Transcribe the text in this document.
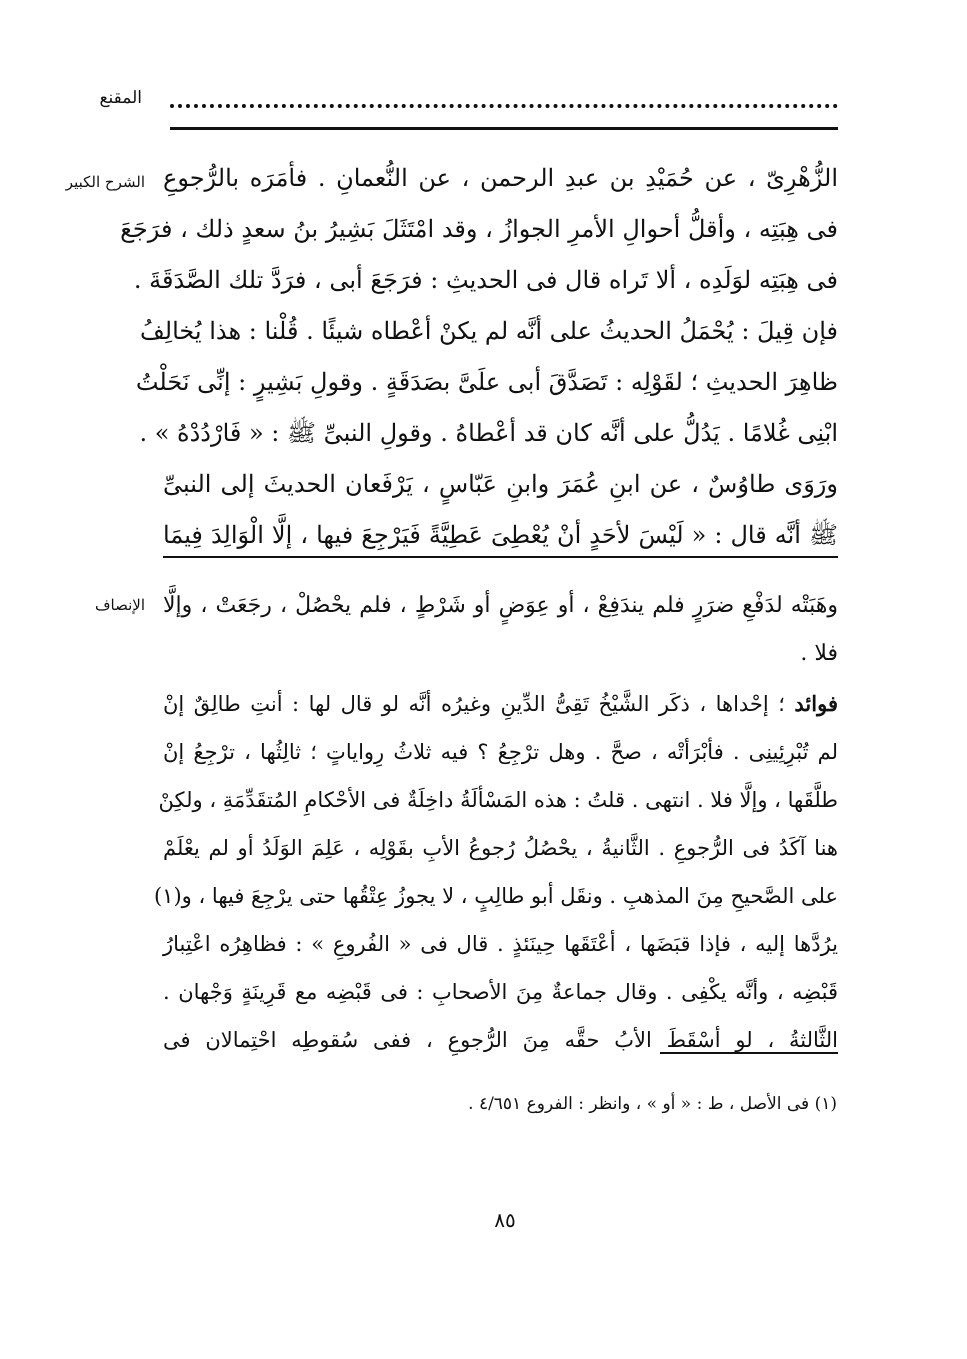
المقنع
الشرح الكبير الزُّهْرِىّ ، عن حُمَيْدِ بن عبدِ الرحمن ، عن النُّعمانِ . فأمَرَه بالرُّجوعِ
فى هِبَتِه ، وأقلُّ أحوالِ الأمرِ الجوازُ ، وقد امْتَثَلَ بَشِيرُ بنُ سعدٍ ذلك ، فرَجَعَ
فى هِبَتِه لوَلَدِه ، ألا تَراه قال فى الحديثِ : فرَجَعَ أبى ، فرَدَّ تلك الصَّدَقَةَ .
فإن قِيلَ : يُحْمَلُ الحديثُ على أنَّه لم يكنْ أعْطاه شيئًا . قُلْنا : هذا يُخالِفُ
ظاهِرَ الحديثِ ؛ لقَوْلِه : تَصَدَّقَ أبى علَىَّ بصَدَقَةٍ . وقولِ بَشِيرٍ : إنِّى نَحَلْتُ
ابْنِى غُلامًا . يَدُلُّ على أنَّه كان قد أعْطاهُ . وقولِ النبىِّ ﷺ : « فَارْدُدْهُ » .
ورَوَى طاوُسٌ ، عن ابنِ عُمَرَ وابنِ عَبّاسٍ ، يَرْفَعان الحديثَ إلى النبىِّ
ﷺ أنَّه قال : « لَيْسَ لأحَدٍ أنْ يُعْطِىَ عَطِيَّةً فَيَرْجِعَ فيها ، إلَّا الْوَالِدَ فِيمَا
الإنصاف وهَبَتْه لدَفْعِ ضرَرٍ فلم يندَفِعْ ، أو عِوَضٍ أو شَرْطٍ ، فلم يحْصُلْ ، رجَعَتْ ، وإلَّا
فلا .
فوائد ؛ إحْداها ، ذكَر الشَّيْخُ تَقِىُّ الدِّينِ وغيرُه أنَّه لو قال لها : أنتِ طالِقٌ إنْ
لم تُبْرِئِينِى . فأبْرَأتْه ، صحَّ . وهل ترْجِعُ ؟ فيه ثلاثُ رِواياتٍ ؛ ثالِثُها ، ترْجِعُ إنْ
طلَّقَها ، وإلَّا فلا . انتهى . قلتُ : هذه المَسْألَةُ داخِلَةٌ فى الأحْكامِ المُتقَدِّمَةِ ، ولكِنْ
هنا آكَدُ فى الرُّجوعِ . الثَّانيةُ ، يحْصُلُ رُجوعُ الأبِ بقَوْلِه ، عَلِمَ الوَلَدُ أو لم يعْلَمْ
على الصَّحيحِ مِنَ المذهبِ . ونقَل أبو طالِبٍ ، لا يجوزُ عِتْقُها حتى يرْجِعَ فيها ، و(١)
يرُدَّها إليه ، فإذا قبَضَها ، أعْتَقَها حِينَئذٍ . قال فى « الفُروعِ » : فظاهِرُه اعْتِبارُ
قَبْضِه ، وأنَّه يكْفِى . وقال جماعةٌ مِنَ الأصحابِ : فى قَبْضِه مع قَرِينَةٍ وَجْهان .
الثَّالثةُ ، لو أسْقَطَ الأبُ حقَّه مِنَ الرُّجوعِ ، ففى سُقوطِه احْتِمالان فى
(١) فى الأصل ، ط : « أو » ، وانظر : الفروع ٤/٦٥١ .
٨٥
